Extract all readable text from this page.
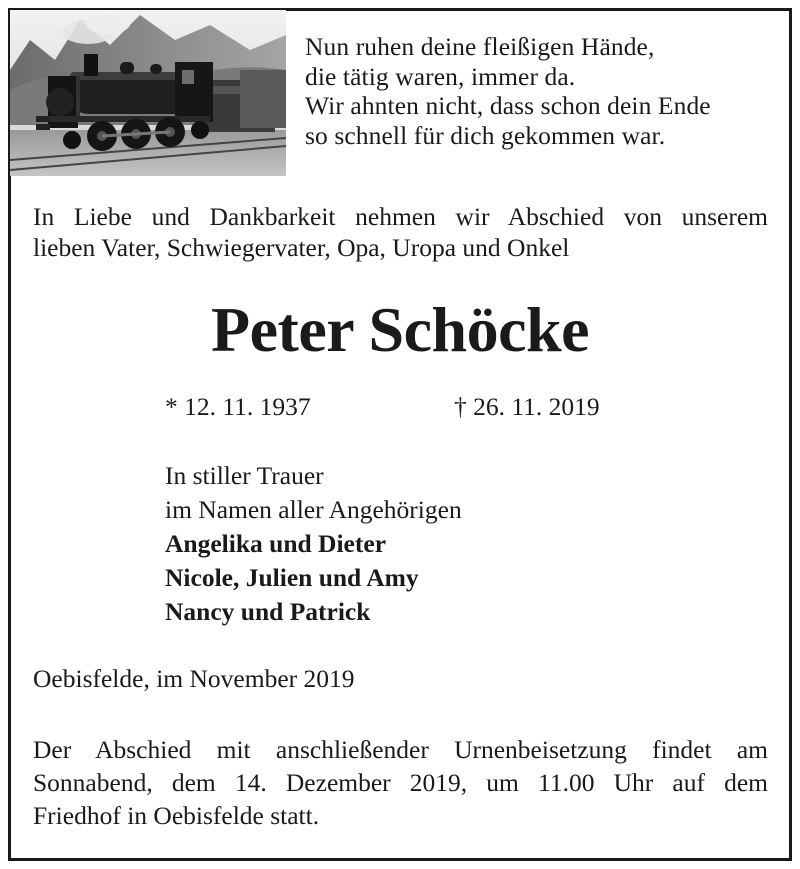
Nun ruhen deine fleißigen Hände,
die tätig waren, immer da.
Wir ahnten nicht, dass schon dein Ende
so schnell für dich gekommen war.
In Liebe und Dankbarkeit nehmen wir Abschied von unserem
lieben Vater, Schwiegervater, Opa, Uropa und Onkel
Peter Schöcke
* 12. 11. 1937	† 26. 11. 2019
In stiller Trauer
im Namen aller Angehörigen
Angelika und Dieter
Nicole, Julien und Amy
Nancy und Patrick
Oebisfelde, im November 2019
Der Abschied mit anschließender Urnenbeisetzung findet am
Sonnabend, dem 14. Dezember 2019, um 11.00 Uhr auf dem
Friedhof in Oebisfelde statt.
